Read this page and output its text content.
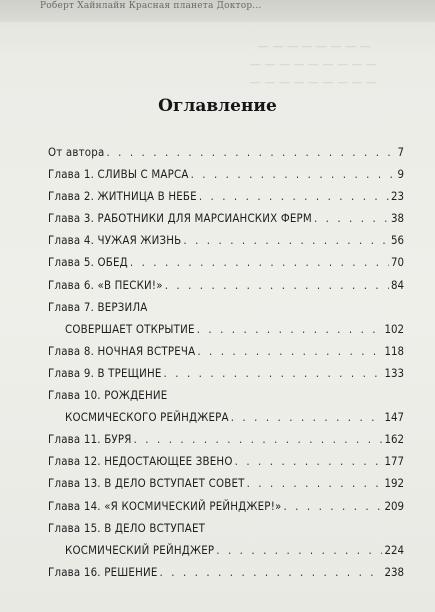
Роберт Хайнлайн Красная планета Доктор...
— — — — — — — —
— — — — — — — — —
— — — — — — — — —
Оглавление
От автора . . .	7
Глава 1. СЛИВЫ С МАРСА . . .	9
Глава 2. ЖИТНИЦА В НЕБЕ . . .	23
Глава 3. РАБОТНИКИ ДЛЯ МАРСИАНСКИХ ФЕРМ . . .	38
Глава 4. ЧУЖАЯ ЖИЗНЬ . . .	56
Глава 5. ОБЕД . . .	70
Глава 6. «В ПЕСКИ!» . . .	84
Глава 7. ВЕРЗИЛА
СОВЕРШАЕТ ОТКРЫТИЕ . . .	102
Глава 8. НОЧНАЯ ВСТРЕЧА . . .	118
Глава 9. В ТРЕЩИНЕ . . .	133
Глава 10. РОЖДЕНИЕ
КОСМИЧЕСКОГО РЕЙНДЖЕРА . . .	147
Глава 11. БУРЯ . . .	162
Глава 12. НЕДОСТАЮЩЕЕ ЗВЕНО . . .	177
Глава 13. В ДЕЛО ВСТУПАЕТ СОВЕТ . . .	192
Глава 14. «Я КОСМИЧЕСКИЙ РЕЙНДЖЕР!» . . .	209
Глава 15. В ДЕЛО ВСТУПАЕТ
КОСМИЧЕСКИЙ РЕЙНДЖЕР . . .	224
Глава 16. РЕШЕНИЕ . . .	238
